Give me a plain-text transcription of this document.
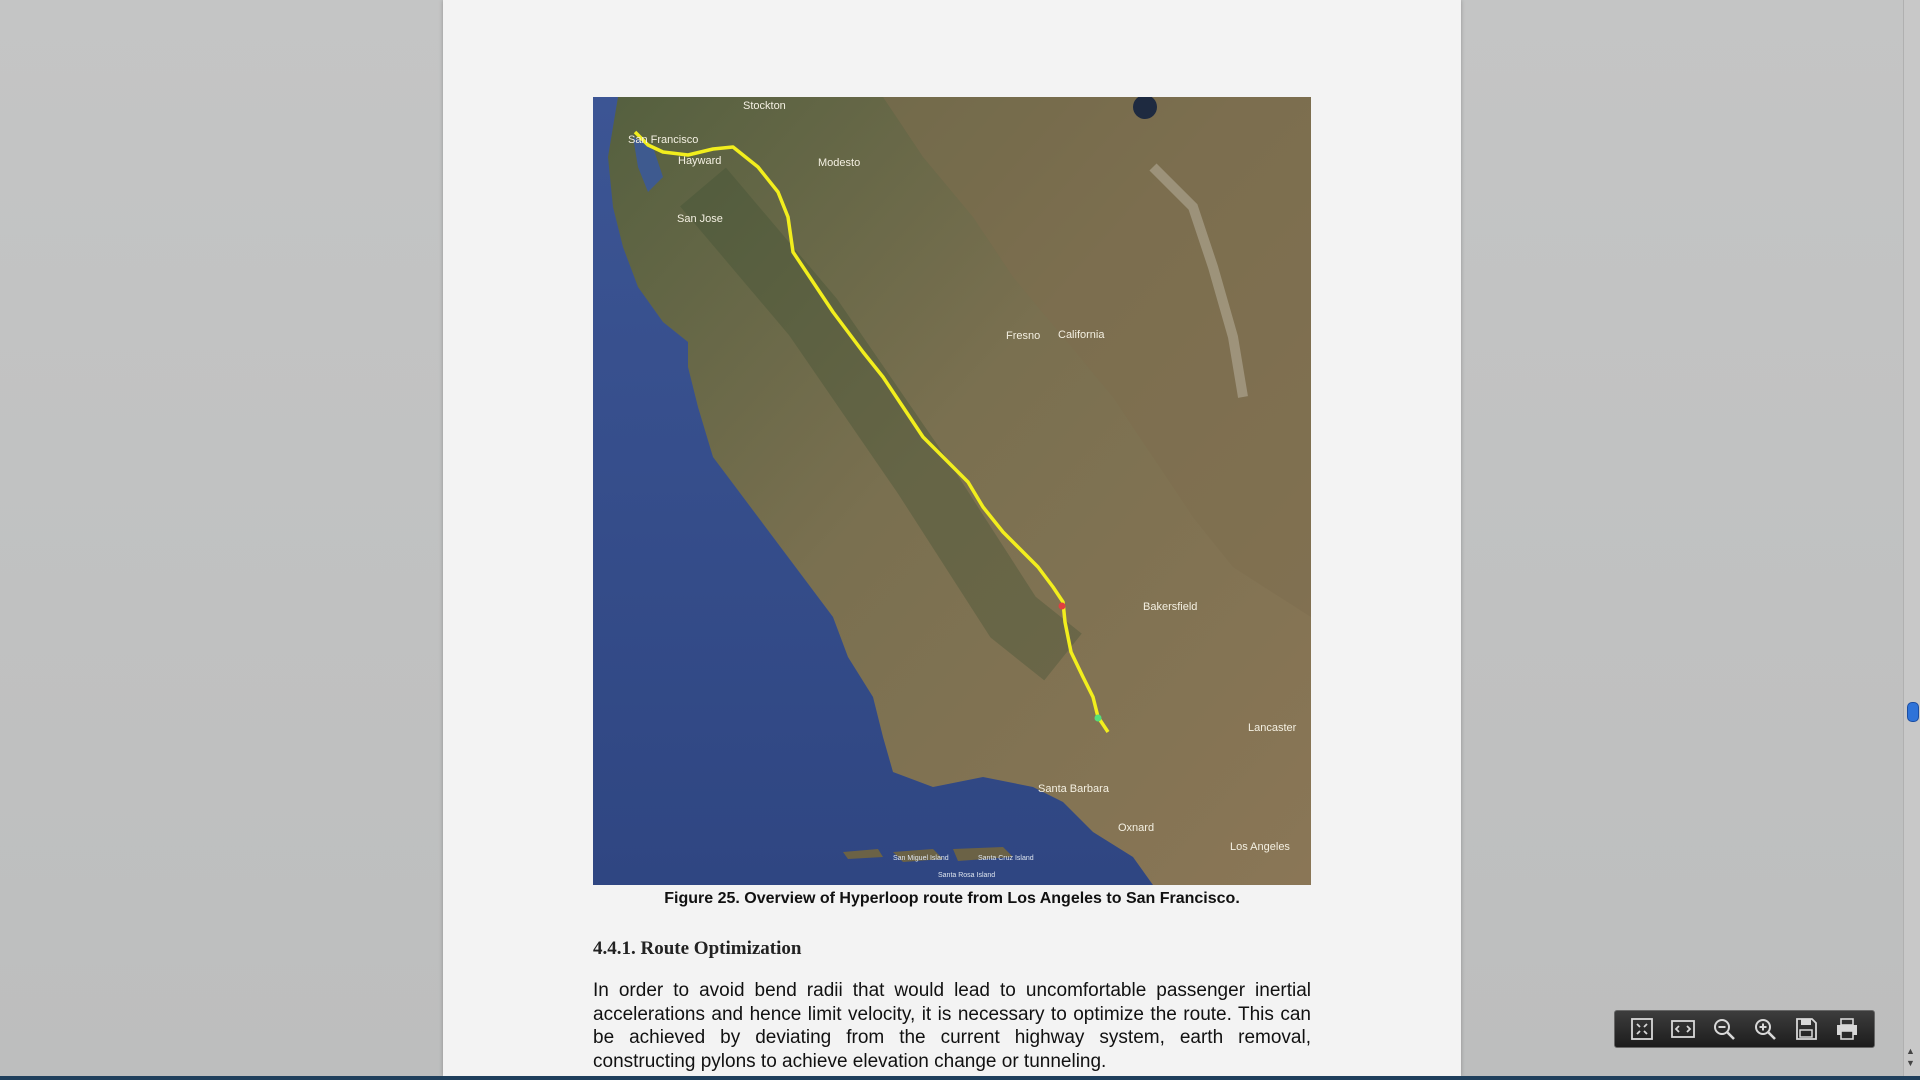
Stockton
San Francisco
Hayward	Modesto
San Jose
Fresno California
Bakersfield
Lancaster
Santa Barbara
Oxnard
Los Angeles
San Miguel Island	Santa Cruz Island
Santa Rosa Island
Figure 25. Overview of Hyperloop route from Los Angeles to San Francisco.
4.4.1. Route Optimization

In order to avoid bend radii that would lead to uncomfortable passenger inertial accelerations and hence limit velocity, it is necessary to optimize the route. This can be achieved by deviating from the current highway system, earth removal, constructing pylons to achieve elevation change or tunneling.	▲
▼
